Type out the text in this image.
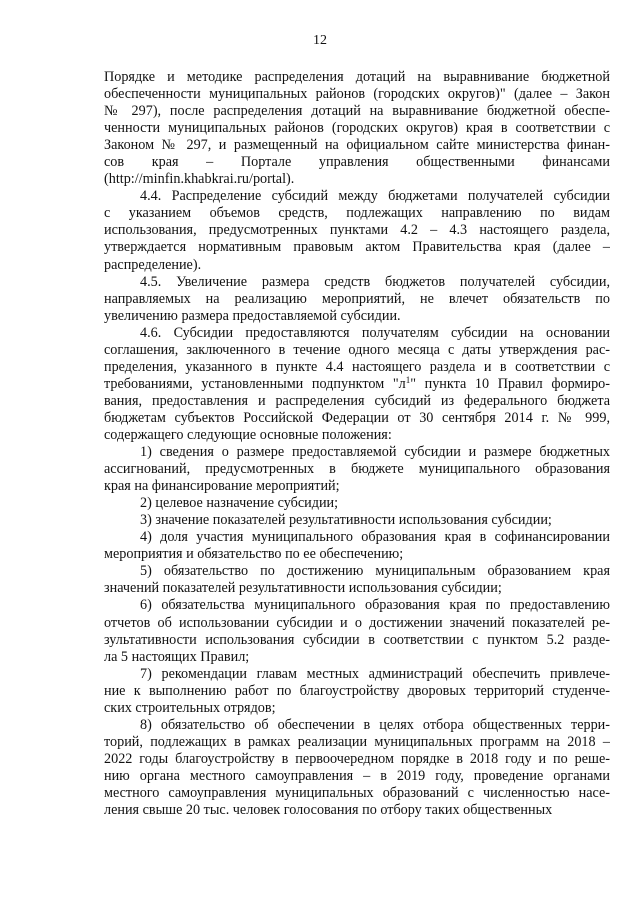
12

Порядке и методике распределения дотаций на выравнивание бюджетной
обеспеченности муниципальных районов (городских округов)" (далее – Закон
№ 297), после распределения дотаций на выравнивание бюджетной обеспе-
ченности муниципальных районов (городских округов) края в соответствии с
Законом № 297, и размещенный на официальном сайте министерства финан-
сов края – Портале управления общественными финансами
(http://minfin.khabkrai.ru/portal).

4.4. Распределение субсидий между бюджетами получателей субсидии
с указанием объемов средств, подлежащих направлению по видам
использования, предусмотренных пунктами 4.2 – 4.3 настоящего раздела,
утверждается нормативным правовым актом Правительства края (далее –
распределение).

4.5. Увеличение размера средств бюджетов получателей субсидии,
направляемых на реализацию мероприятий, не влечет обязательств по
увеличению размера предоставляемой субсидии.

4.6. Субсидии предоставляются получателям субсидии на основании
соглашения, заключенного в течение одного месяца с даты утверждения рас-
пределения, указанного в пункте 4.4 настоящего раздела и в соответствии с
требованиями, установленными подпунктом "$л^1$" пункта 10 Правил формиро-
вания, предоставления и распределения субсидий из федерального бюджета
бюджетам субъектов Российской Федерации от 30 сентября 2014 г. № 999,
содержащего следующие основные положения:

1) сведения о размере предоставляемой субсидии и размере бюджетных
ассигнований, предусмотренных в бюджете муниципального образования
края на финансирование мероприятий;

2) целевое назначение субсидии;

3) значение показателей результативности использования субсидии;

4) доля участия муниципального образования края в софинансировании
мероприятия и обязательство по ее обеспечению;

5) обязательство по достижению муниципальным образованием края
значений показателей результативности использования субсидии;

6) обязательства муниципального образования края по предоставлению
отчетов об использовании субсидии и о достижении значений показателей ре-
зультативности использования субсидии в соответствии с пунктом 5.2 разде-
ла 5 настоящих Правил;

7) рекомендации главам местных администраций обеспечить привлече-
ние к выполнению работ по благоустройству дворовых территорий студенче-
ских строительных отрядов;

8) обязательство об обеспечении в целях отбора общественных терри-
торий, подлежащих в рамках реализации муниципальных программ на 2018 –
2022 годы благоустройству в первоочередном порядке в 2018 году и по реше-
нию органа местного самоуправления – в 2019 году, проведение органами
местного самоуправления муниципальных образований с численностью насе-
ления свыше 20 тыс. человек голосования по отбору таких общественных
